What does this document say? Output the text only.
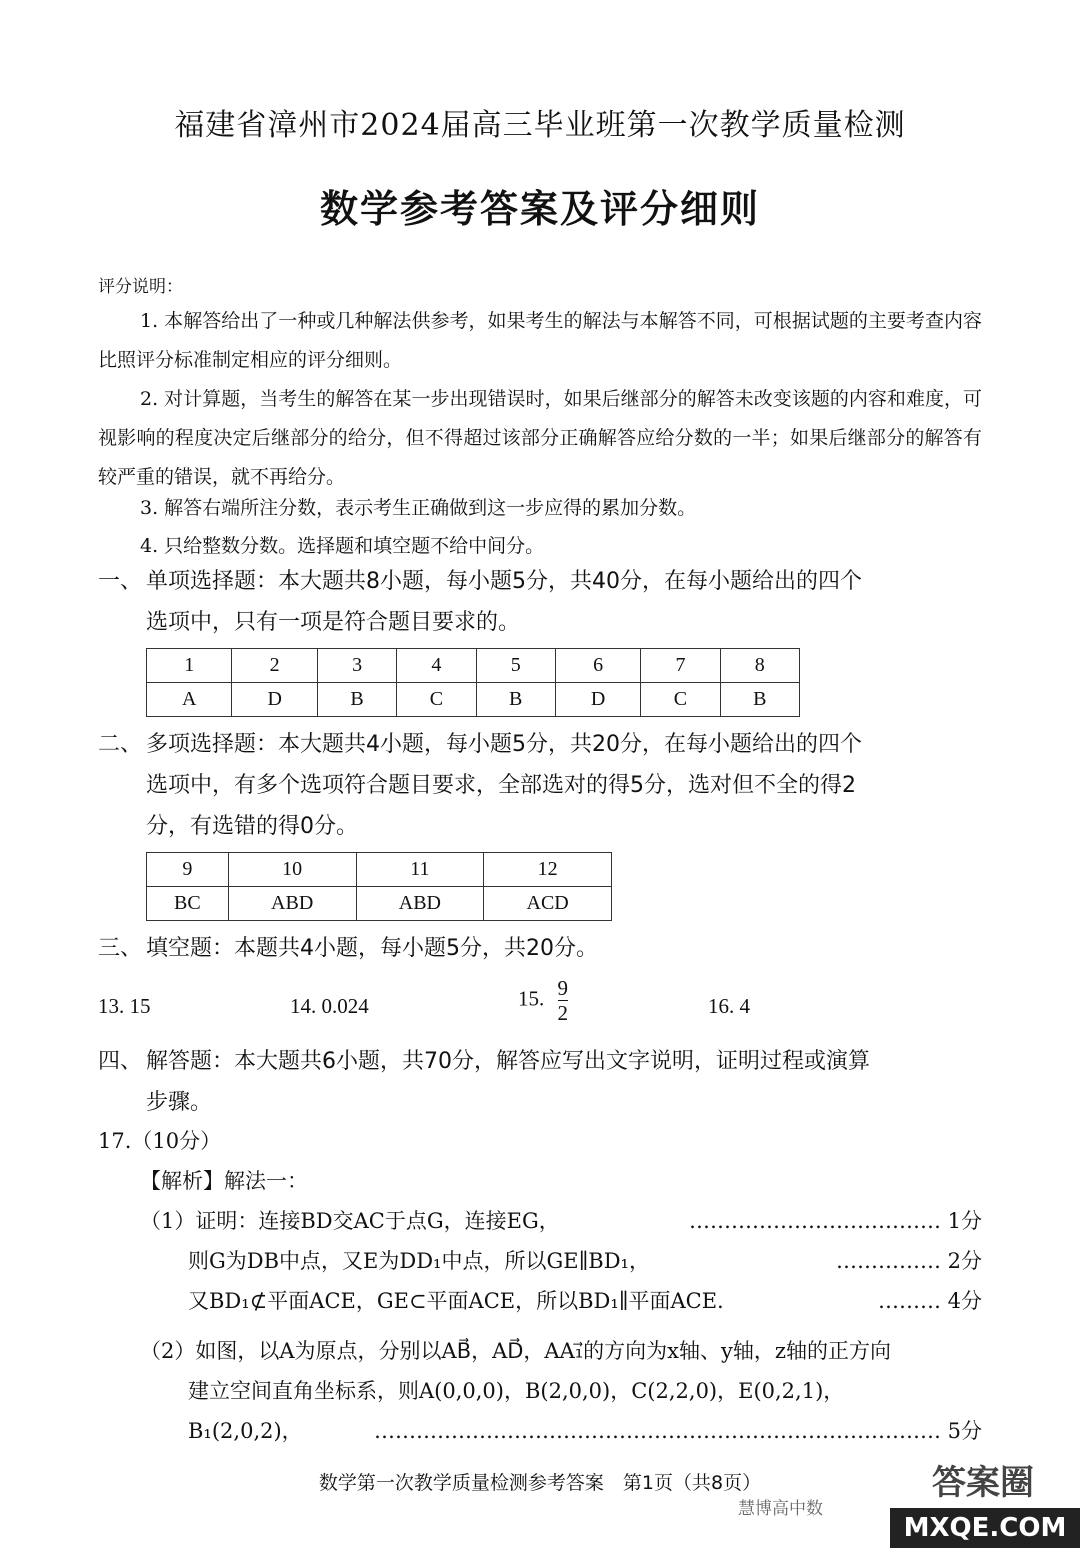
福建省漳州市2024届高三毕业班第一次教学质量检测
数学参考答案及评分细则
评分说明：
1. 本解答给出了一种或几种解法供参考，如果考生的解法与本解答不同，可根据试题的主要考查内容比照评分标准制定相应的评分细则。
2. 对计算题，当考生的解答在某一步出现错误时，如果后继部分的解答未改变该题的内容和难度，可视影响的程度决定后继部分的给分，但不得超过该部分正确解答应给分数的一半；如果后继部分的解答有较严重的错误，就不再给分。
3. 解答右端所注分数，表示考生正确做到这一步应得的累加分数。
4. 只给整数分数。选择题和填空题不给中间分。
一、 单项选择题：本大题共8小题，每小题5分，共40分，在每小题给出的四个
选项中，只有一项是符合题目要求的。
1	2	3	4	5	6	7	8
A	D	B	C	B	D	C	B
二、 多项选择题：本大题共4小题，每小题5分，共20分，在每小题给出的四个
选项中，有多个选项符合题目要求，全部选对的得5分，选对但不全的得2
分，有选错的得0分。
9	10	11	12
BC	ABD	ABD	ACD
三、 填空题：本题共4小题，每小题5分，共20分。
13. 15	14. 0.024	15. $\frac{9}{2}$	16. 4
四、 解答题：本大题共6小题，共70分，解答应写出文字说明，证明过程或演算
步骤。
17.（10分）
【解析】解法一：
（1）证明：连接BD交AC于点G，连接EG，	……………………………… 1分
则G为DB中点，又E为DD₁中点，所以GE∥BD₁，	…………… 2分
又BD₁⊄平面ACE，GE⊂平面ACE，所以BD₁∥平面ACE.	……… 4分
（2）如图，以A为原点，分别以AB⃗，AD⃗，AA₁⃗的方向为x轴、y轴，z轴的正方向
建立空间直角坐标系，则A(0,0,0)，B(2,0,0)，C(2,2,0)，E(0,2,1)，
B₁(2,0,2)，	……………………………………………………………………… 5分
数学第一次教学质量检测参考答案　第1页（共8页）
慧博高中数
答案圈
MXQE.COM
